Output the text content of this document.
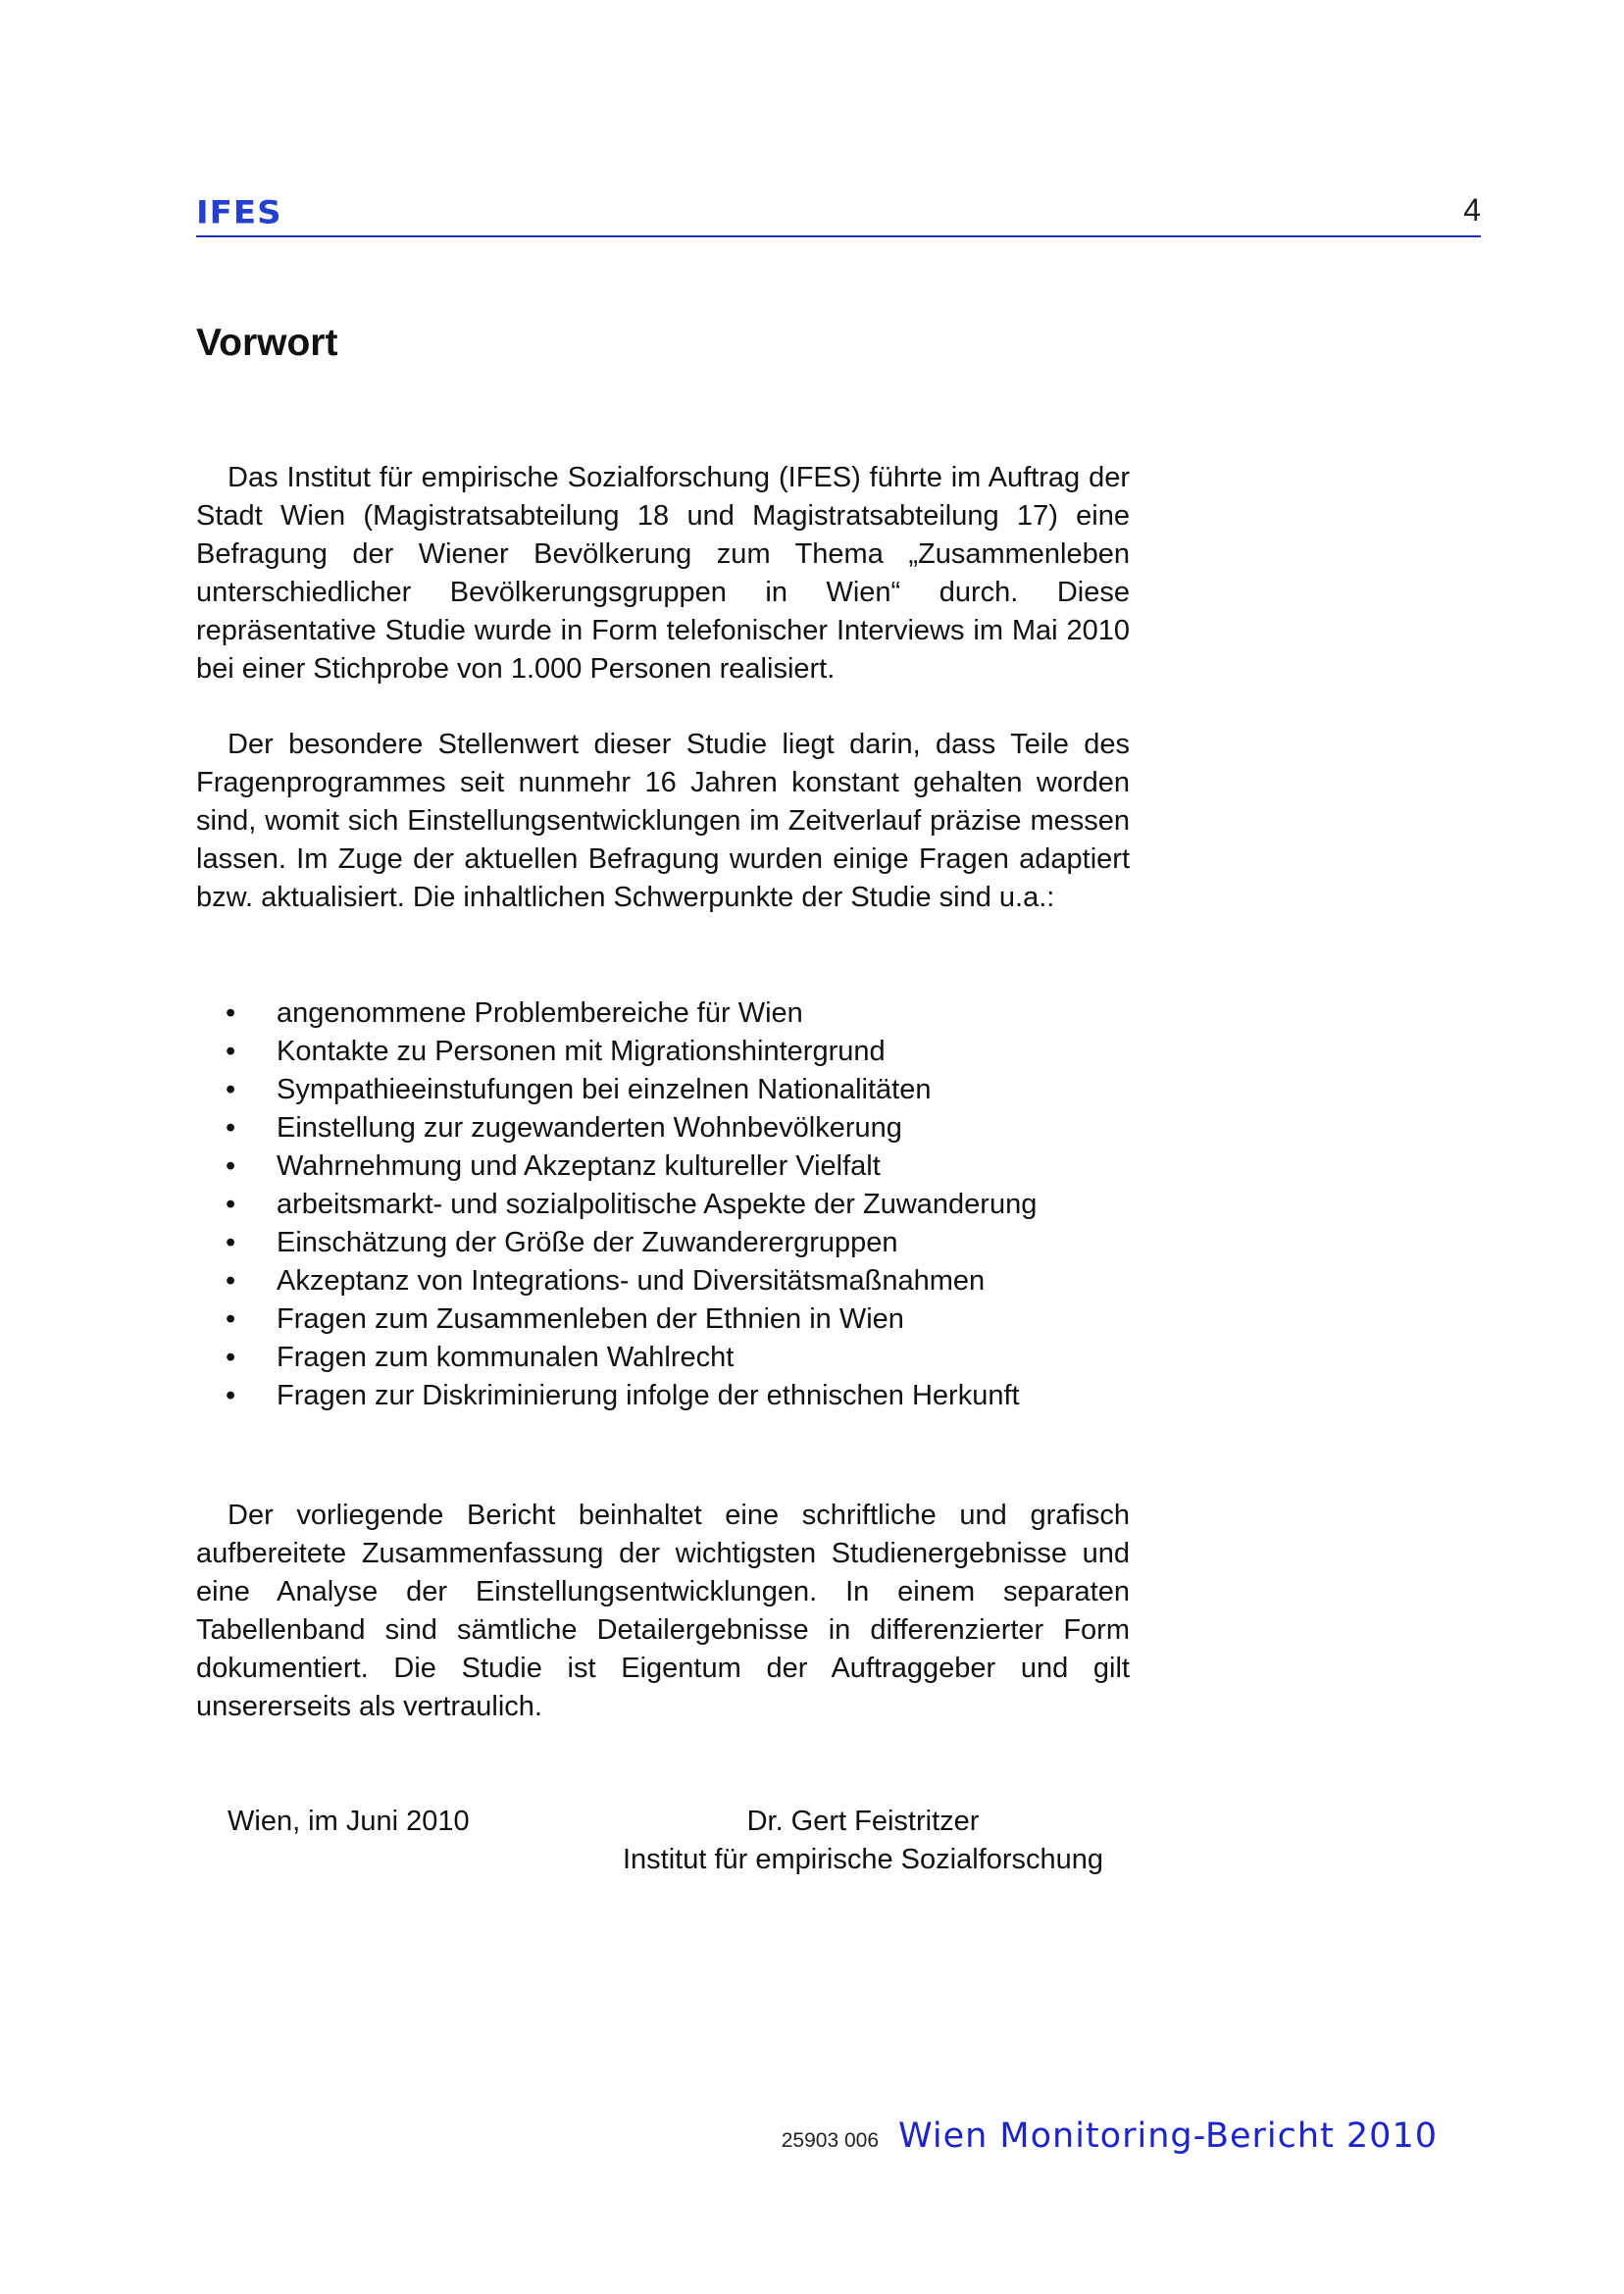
IFES	4
Vorwort

Das Institut für empirische Sozialforschung (IFES) führte im Auftrag der Stadt Wien (Magistratsabteilung 18 und Magistratsabteilung 17) eine Befragung der Wiener Bevölkerung zum Thema „Zusammenleben unterschiedlicher Bevölkerungsgruppen in Wien“ durch. Diese repräsentative Studie wurde in Form telefonischer Interviews im Mai 2010 bei einer Stichprobe von 1.000 Personen realisiert.

Der besondere Stellenwert dieser Studie liegt darin, dass Teile des Fragenprogrammes seit nunmehr 16 Jahren konstant gehalten worden sind, womit sich Einstellungsentwicklungen im Zeitverlauf präzise messen lassen. Im Zuge der aktuellen Befragung wurden einige Fragen adaptiert bzw. aktualisiert. Die inhaltlichen Schwerpunkte der Studie sind u.a.:

• angenommene Problembereiche für Wien
• Kontakte zu Personen mit Migrationshintergrund
• Sympathieeinstufungen bei einzelnen Nationalitäten
• Einstellung zur zugewanderten Wohnbevölkerung
• Wahrnehmung und Akzeptanz kultureller Vielfalt
• arbeitsmarkt- und sozialpolitische Aspekte der Zuwanderung
• Einschätzung der Größe der Zuwanderergruppen
• Akzeptanz von Integrations- und Diversitätsmaßnahmen
• Fragen zum Zusammenleben der Ethnien in Wien
• Fragen zum kommunalen Wahlrecht
• Fragen zur Diskriminierung infolge der ethnischen Herkunft

Der vorliegende Bericht beinhaltet eine schriftliche und grafisch aufbereitete Zusammenfassung der wichtigsten Studienergebnisse und eine Analyse der Einstellungsentwicklungen. In einem separaten Tabellenband sind sämtliche Detailergebnisse in differenzierter Form dokumentiert. Die Studie ist Eigentum der Auftraggeber und gilt unsererseits als vertraulich.

Wien, im Juni 2010	Dr. Gert Feistritzer
Institut für empirische Sozialforschung
25903 006 Wien Monitoring-Bericht 2010
